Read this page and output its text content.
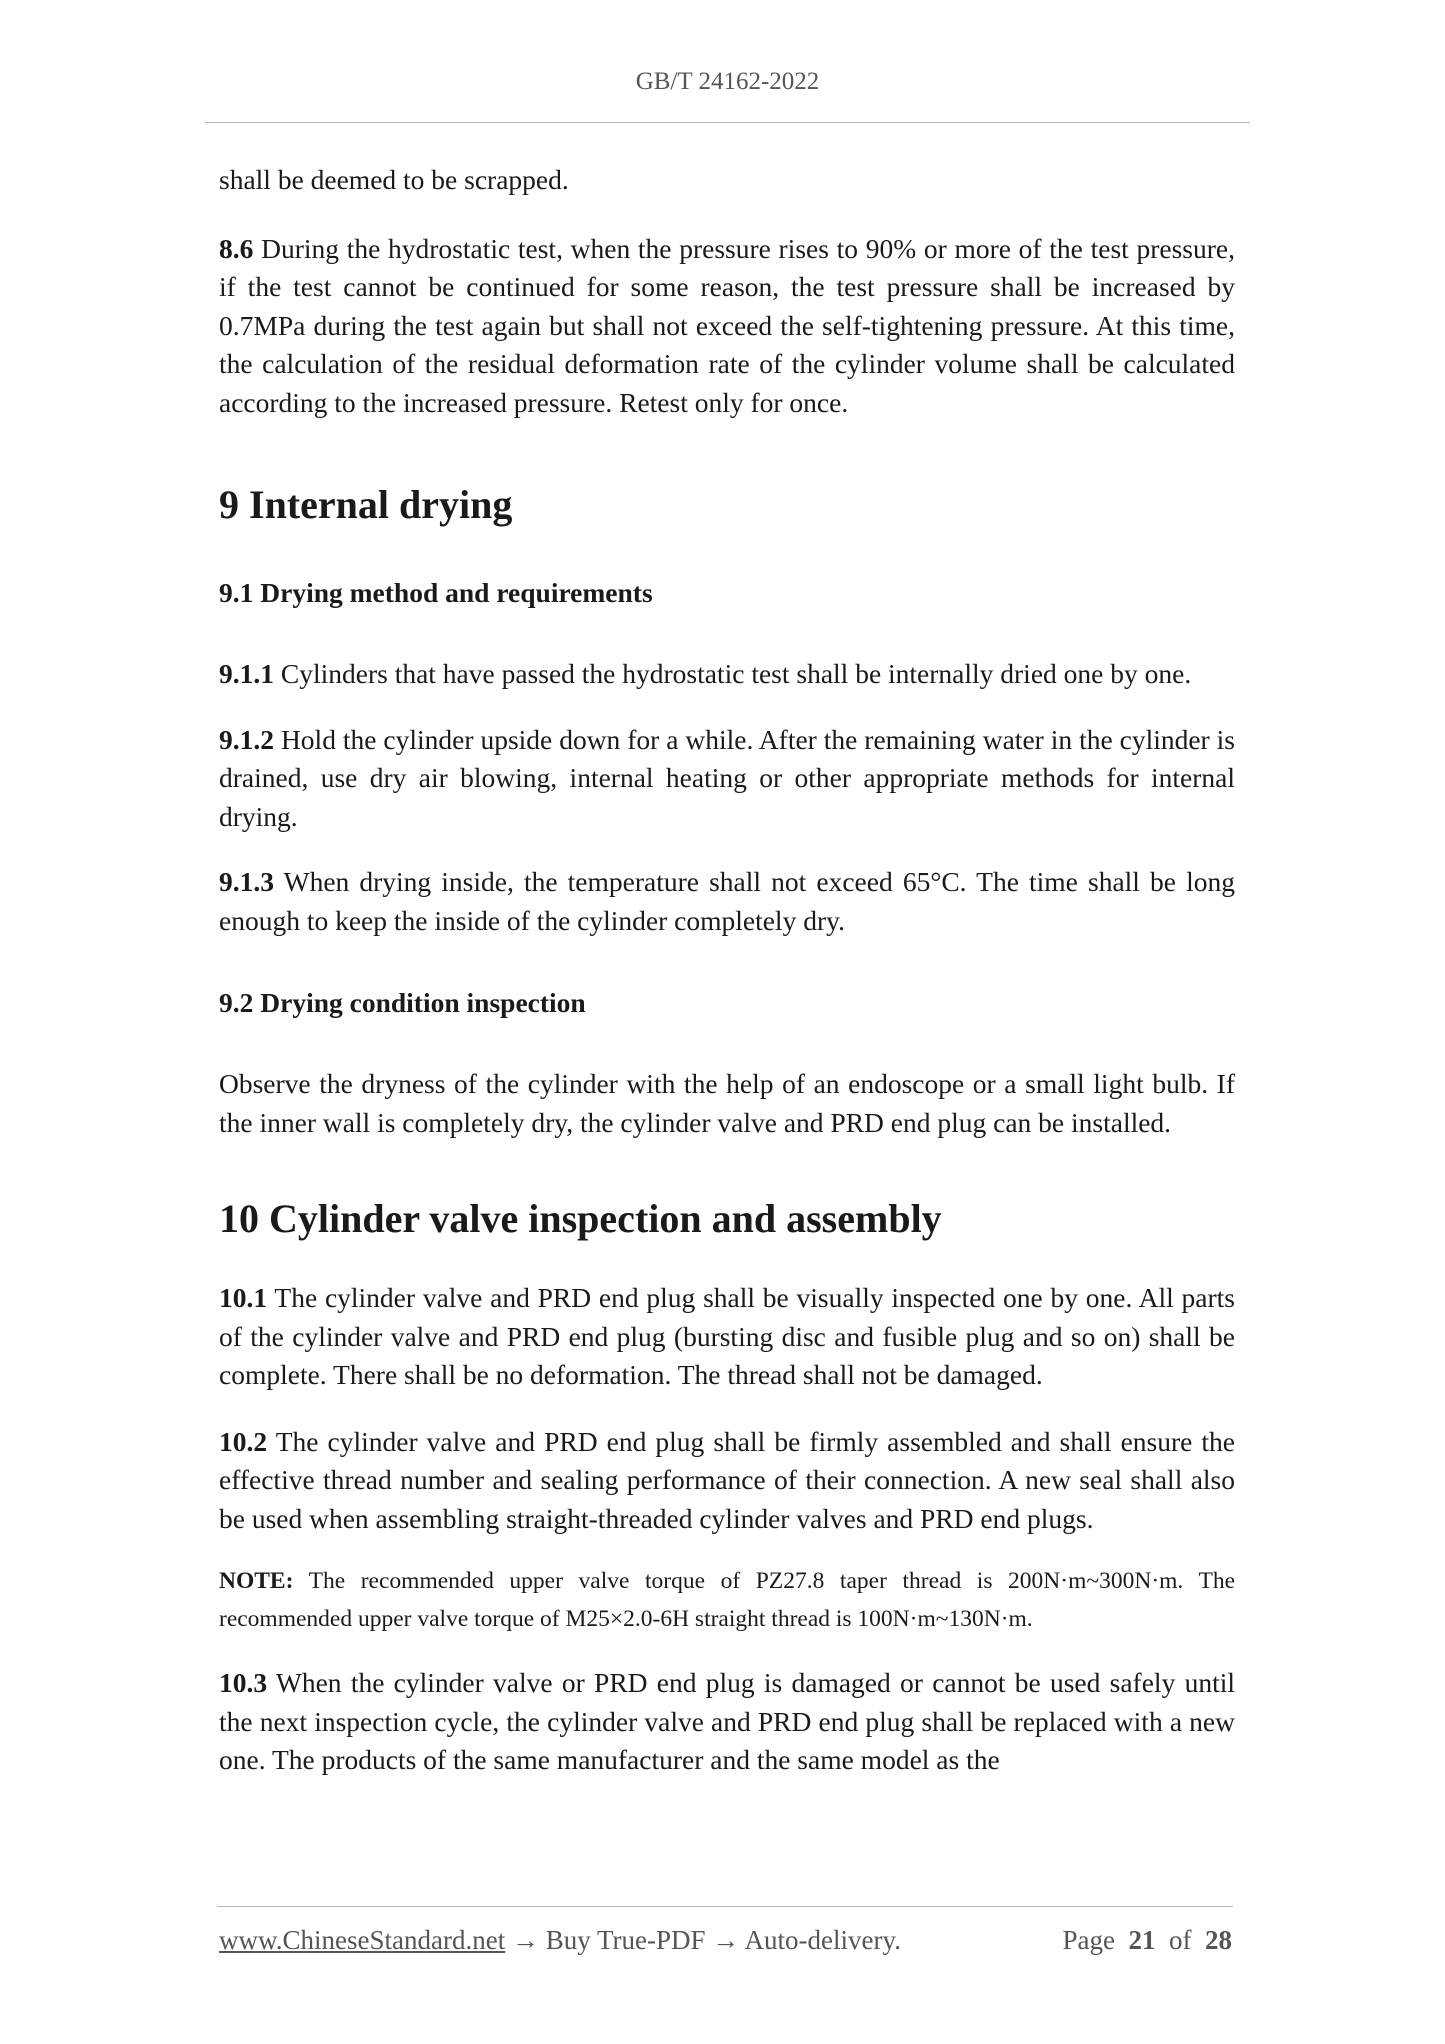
GB/T 24162-2022

shall be deemed to be scrapped.

8.6 During the hydrostatic test, when the pressure rises to 90% or more of the test pressure, if the test cannot be continued for some reason, the test pressure shall be increased by 0.7MPa during the test again but shall not exceed the self-tightening pressure. At this time, the calculation of the residual deformation rate of the cylinder volume shall be calculated according to the increased pressure. Retest only for once.

9 Internal drying
9.1 Drying method and requirements

9.1.1 Cylinders that have passed the hydrostatic test shall be internally dried one by one.

9.1.2 Hold the cylinder upside down for a while. After the remaining water in the cylinder is drained, use dry air blowing, internal heating or other appropriate methods for internal drying.

9.1.3 When drying inside, the temperature shall not exceed 65°C. The time shall be long enough to keep the inside of the cylinder completely dry.

9.2 Drying condition inspection

Observe the dryness of the cylinder with the help of an endoscope or a small light bulb. If the inner wall is completely dry, the cylinder valve and PRD end plug can be installed.

10 Cylinder valve inspection and assembly

10.1 The cylinder valve and PRD end plug shall be visually inspected one by one. All parts of the cylinder valve and PRD end plug (bursting disc and fusible plug and so on) shall be complete. There shall be no deformation. The thread shall not be damaged.

10.2 The cylinder valve and PRD end plug shall be firmly assembled and shall ensure the effective thread number and sealing performance of their connection. A new seal shall also be used when assembling straight-threaded cylinder valves and PRD end plugs.

NOTE: The recommended upper valve torque of PZ27.8 taper thread is 200N·m~300N·m. The recommended upper valve torque of M25×2.0-6H straight thread is 100N·m~130N·m.

10.3 When the cylinder valve or PRD end plug is damaged or cannot be used safely until the next inspection cycle, the cylinder valve and PRD end plug shall be replaced with a new one. The products of the same manufacturer and the same model as the

www.ChineseStandard.net → Buy True-PDF → Auto-delivery.	Page 21 of 28
